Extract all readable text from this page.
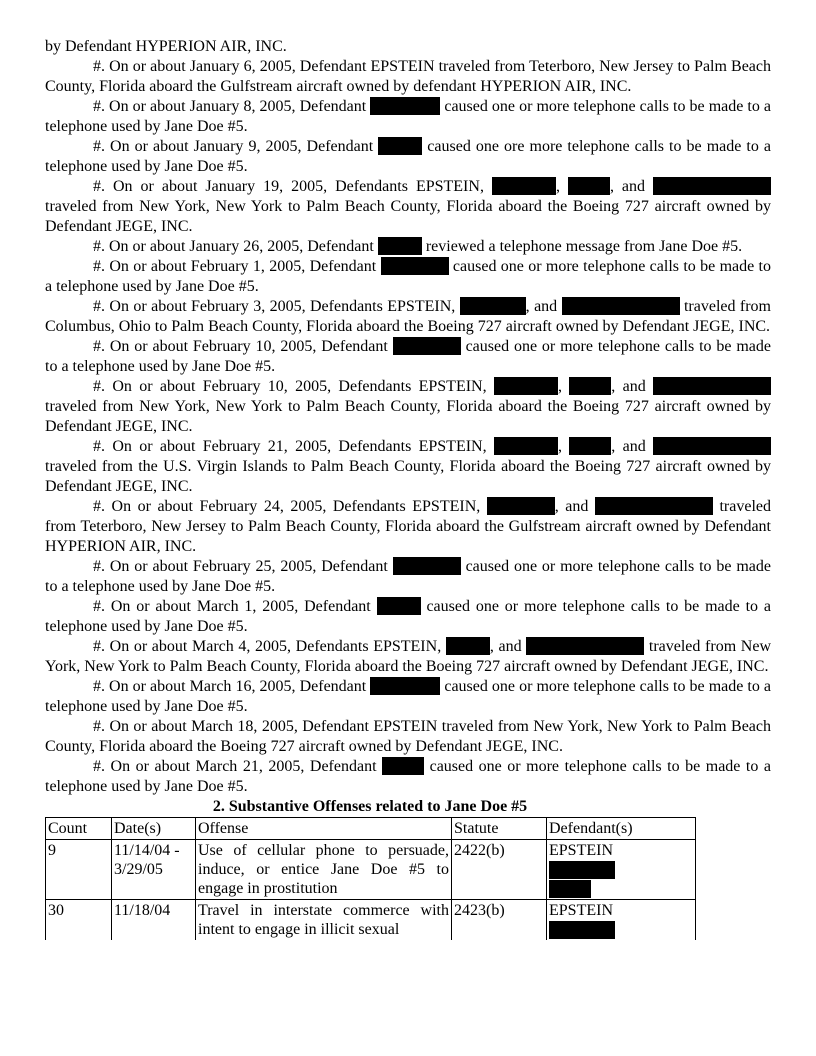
by Defendant HYPERION AIR, INC.

#. On or about January 6, 2005, Defendant EPSTEIN traveled from Teterboro, New Jersey to Palm Beach County, Florida aboard the Gulfstream aircraft owned by defendant HYPERION AIR, INC.

#. On or about January 8, 2005, Defendant	caused one or more telephone calls to be made to a telephone used by Jane Doe #5.

#. On or about January 9, 2005, Defendant	caused one ore more telephone calls to be made to a telephone used by Jane Doe #5.

#. On or about January 19, 2005, Defendants EPSTEIN,	,	, and  traveled from New York, New York to Palm Beach County, Florida aboard the Boeing 727 aircraft owned by Defendant JEGE, INC.

#. On or about January 26, 2005, Defendant	reviewed a telephone message from Jane Doe #5.

#. On or about February 1, 2005, Defendant	caused one or more telephone calls to be made to a telephone used by Jane Doe #5.

#. On or about February 3, 2005, Defendants EPSTEIN,	, and	traveled from Columbus, Ohio to Palm Beach County, Florida aboard the Boeing 727 aircraft owned by Defendant JEGE, INC.

#. On or about February 10, 2005, Defendant	caused one or more telephone calls to be made to a telephone used by Jane Doe #5.

#. On or about February 10, 2005, Defendants EPSTEIN,	,	, and  traveled from New York, New York to Palm Beach County, Florida aboard the Boeing 727 aircraft owned by Defendant JEGE, INC.

#. On or about February 21, 2005, Defendants EPSTEIN,	,	, and  traveled from the U.S. Virgin Islands to Palm Beach County, Florida aboard the Boeing 727 aircraft owned by Defendant JEGE, INC.

#. On or about February 24, 2005, Defendants EPSTEIN,	, and	traveled from Teterboro, New Jersey to Palm Beach County, Florida aboard the Gulfstream aircraft owned by Defendant HYPERION AIR, INC.

#. On or about February 25, 2005, Defendant	caused one or more telephone calls to be made to a telephone used by Jane Doe #5.

#. On or about March 1, 2005, Defendant	caused one or more telephone calls to be made to a telephone used by Jane Doe #5.

#. On or about March 4, 2005, Defendants EPSTEIN,	, and	traveled from New York, New York to Palm Beach County, Florida aboard the Boeing 727 aircraft owned by Defendant JEGE, INC.

#. On or about March 16, 2005, Defendant	caused one or more telephone calls to be made to a telephone used by Jane Doe #5.

#. On or about March 18, 2005, Defendant EPSTEIN traveled from New York, New York to Palm Beach County, Florida aboard the Boeing 727 aircraft owned by Defendant JEGE, INC.

#. On or about March 21, 2005, Defendant	caused one or more telephone calls to be made to a telephone used by Jane Doe #5.

2. Substantive Offenses related to Jane Doe #5

Count	Date(s)	Offense	Statute	Defendant(s)
9	11/14/04 - 3/29/05	Use of cellular phone to persuade, induce, or entice Jane Doe #5 to engage in prostitution	2422(b)	EPSTEIN

30	11/18/04	Travel in interstate commerce with intent to engage in illicit sexual	2423(b)	EPSTEIN
